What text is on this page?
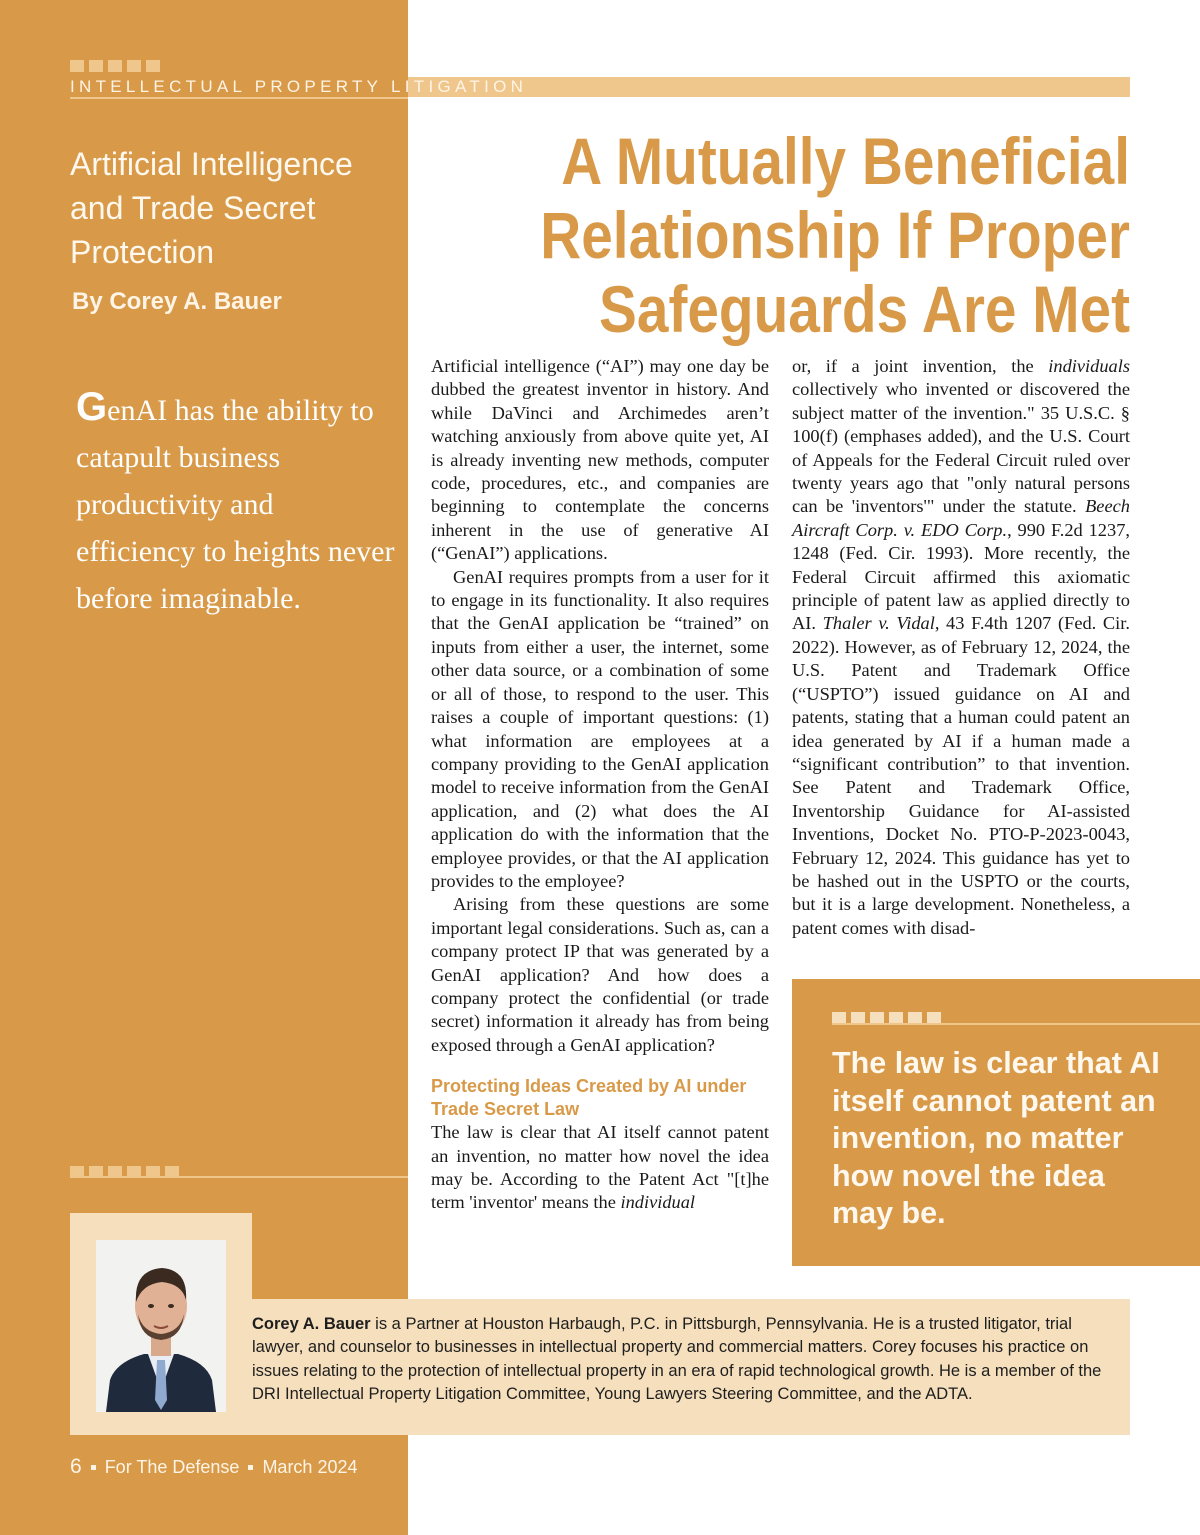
INTELLECTUAL PROPERTY LITIGATION
Artificial Intelligence and Trade Secret Protection
By Corey A. Bauer
GenAI has the ability to catapult business productivity and efficiency to heights never before imaginable.
A Mutually Beneficial
Relationship If Proper
Safeguards Are Met

Artificial intelligence (“AI”) may one day be dubbed the greatest inventor in history. And while DaVinci and Archimedes aren’t watching anxiously from above quite yet, AI is already inventing new methods, computer code, procedures, etc., and companies are beginning to contemplate the concerns inherent in the use of generative AI (“GenAI”) applications.

GenAI requires prompts from a user for it to engage in its functionality. It also requires that the GenAI application be “trained” on inputs from either a user, the internet, some other data source, or a combination of some or all of those, to respond to the user. This raises a couple of important questions: (1) what information are employees at a company providing to the GenAI application model to receive information from the GenAI application, and (2) what does the AI application do with the information that the employee provides, or that the AI application provides to the employee?

Arising from these questions are some important legal considerations. Such as, can a company protect IP that was generated by a GenAI application? And how does a company protect the confidential (or trade secret) information it already has from being exposed through a GenAI application?

Protecting Ideas Created by AI under Trade Secret Law

The law is clear that AI itself cannot patent an invention, no matter how novel the idea may be. According to the Patent Act "[t]he term 'inventor' means the individual

or, if a joint invention, the individuals collectively who invented or discovered the subject matter of the invention." 35 U.S.C. § 100(f) (emphases added), and the U.S. Court of Appeals for the Federal Circuit ruled over twenty years ago that "only natural persons can be 'inventors'" under the statute. Beech Aircraft Corp. v. EDO Corp., 990 F.2d 1237, 1248 (Fed. Cir. 1993). More recently, the Federal Circuit affirmed this axiomatic principle of patent law as applied directly to AI. Thaler v. Vidal, 43 F.4th 1207 (Fed. Cir. 2022). However, as of February 12, 2024, the U.S. Patent and Trademark Office (“USPTO”) issued guidance on AI and patents, stating that a human could patent an idea generated by AI if a human made a “significant contribution” to that invention. See Patent and Trademark Office, Inventorship Guidance for AI-assisted Inventions, Docket No. PTO-P-2023-0043, February 12, 2024. This guidance has yet to be hashed out in the USPTO or the courts, but it is a large development. Nonetheless, a patent comes with disad-

The law is clear that AI itself cannot patent an invention, no matter how novel the idea may be.
Corey A. Bauer is a Partner at Houston Harbaugh, P.C. in Pittsburgh, Pennsylvania. He is a trusted litigator, trial lawyer, and counselor to businesses in intellectual property and commercial matters. Corey focuses his practice on issues relating to the protection of intellectual property in an era of rapid technological growth. He is a member of the DRI Intellectual Property Litigation Committee, Young Lawyers Steering Committee, and the ADTA.
6 For The Defense March 2024
